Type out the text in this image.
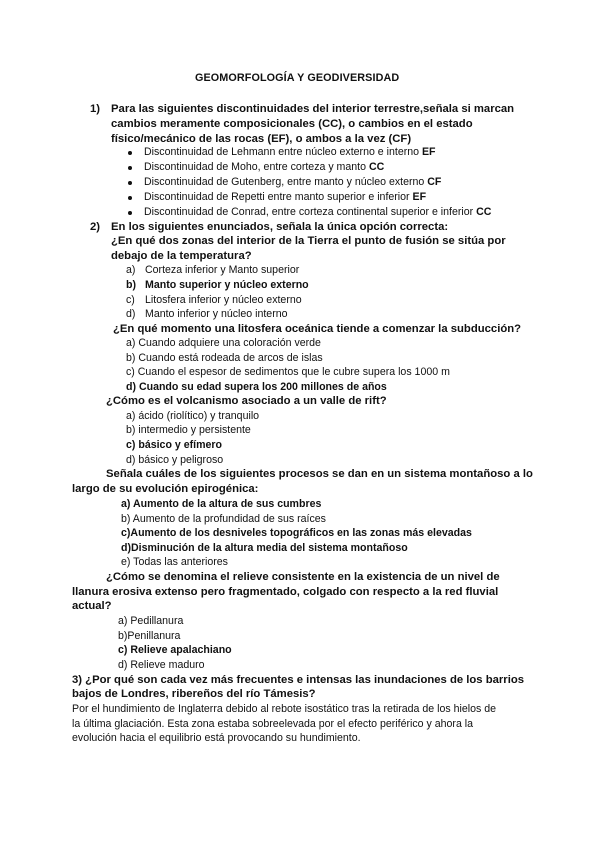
GEOMORFOLOGÍA Y GEODIVERSIDAD
1) Para las siguientes discontinuidades del interior terrestre,señala si marcan
cambios meramente composicionales (CC), o cambios en el estado
físico/mecánico de las rocas (EF), o ambos a la vez (CF)
Discontinuidad de Lehmann entre núcleo externo e interno EF
Discontinuidad de Moho, entre corteza y manto CC
Discontinuidad de Gutenberg, entre manto y núcleo externo CF
Discontinuidad de Repetti entre manto superior e inferior EF
Discontinuidad de Conrad, entre corteza continental superior e inferior CC
2) En los siguientes enunciados, señala la única opción correcta:
¿En qué dos zonas del interior de la Tierra el punto de fusión se sitúa por
debajo de la temperatura?
a) Corteza inferior y Manto superior
b) Manto superior y núcleo externo
c) Litosfera inferior y núcleo externo
d) Manto inferior y núcleo interno
¿En qué momento una litosfera oceánica tiende a comenzar la subducción?
a) Cuando adquiere una coloración verde
b) Cuando está rodeada de arcos de islas
c) Cuando el espesor de sedimentos que le cubre supera los 1000 m
d) Cuando su edad supera los 200 millones de años
¿Cómo es el volcanismo asociado a un valle de rift?
a) ácido (riolítico) y tranquilo
b) intermedio y persistente
c) básico y efímero
d) básico y peligroso
Señala cuáles de los siguientes procesos se dan en un sistema montañoso a lo
largo de su evolución epirogénica:
a) Aumento de la altura de sus cumbres
b) Aumento de la profundidad de sus raíces
c)Aumento de los desniveles topográficos en las zonas más elevadas
d)Disminución de la altura media del sistema montañoso
e) Todas las anteriores
¿Cómo se denomina el relieve consistente en la existencia de un nivel de
llanura erosiva extenso pero fragmentado, colgado con respecto a la red fluvial
actual?
a) Pedillanura
b)Penillanura
c) Relieve apalachiano
d) Relieve maduro
3) ¿Por qué son cada vez más frecuentes e intensas las inundaciones de los barrios
bajos de Londres, ribereños del río Támesis?
Por el hundimiento de Inglaterra debido al rebote isostático tras la retirada de los hielos de
la última glaciación. Esta zona estaba sobreelevada por el efecto periférico y ahora la
evolución hacia el equilibrio está provocando su hundimiento.
